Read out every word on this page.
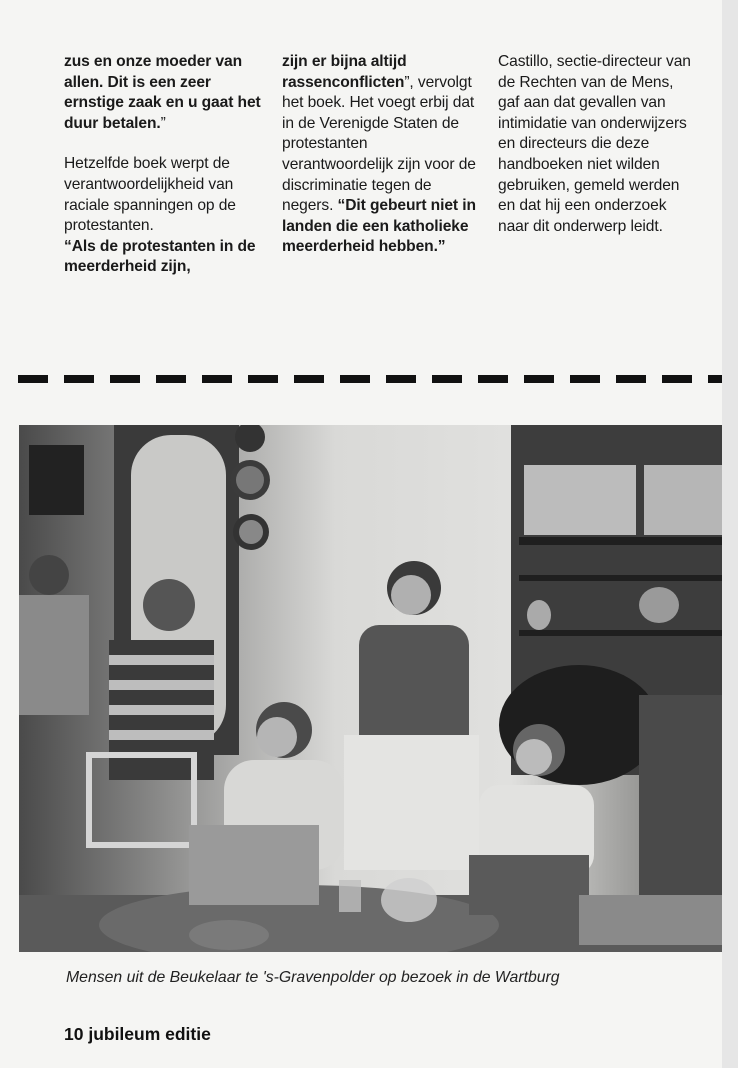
zus en onze moeder van allen. Dit is een zeer ernstige zaak en u gaat het duur betalen.”

Hetzelfde boek werpt de verantwoordelijkheid van raciale spanningen op de protestanten.
“Als de protestanten in de meerderheid zijn,

zijn er bijna altijd rassenconflicten”, vervolgt het boek. Het voegt erbij dat in de Verenigde Staten de protestanten verantwoordelijk zijn voor de discriminatie tegen de negers. “Dit gebeurt niet in landen die een katholieke meerderheid hebben.”

Castillo, sectie-directeur van de Rechten van de Mens, gaf aan dat gevallen van intimidatie van onderwijzers en directeurs die deze handboeken niet wilden gebruiken, gemeld werden en dat hij een onderzoek naar dit onderwerp leidt.

Mensen uit de Beukelaar te 's-Gravenpolder op bezoek in de Wartburg
10 jubileum editie
